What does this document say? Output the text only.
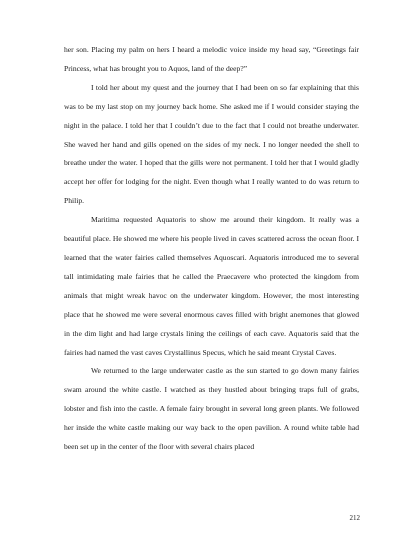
her son. Placing my palm on hers I heard a melodic voice inside my head say, “Greetings fair Princess, what has brought you to Aquos, land of the deep?”

I told her about my quest and the journey that I had been on so far explaining that this was to be my last stop on my journey back home. She asked me if I would consider staying the night in the palace. I told her that I couldn’t due to the fact that I could not breathe underwater. She waved her hand and gills opened on the sides of my neck. I no longer needed the shell to breathe under the water. I hoped that the gills were not permanent. I told her that I would gladly accept her offer for lodging for the night. Even though what I really wanted to do was return to Philip.

Maritima requested Aquatoris to show me around their kingdom. It really was a beautiful place. He showed me where his people lived in caves scattered across the ocean floor. I learned that the water fairies called themselves Aquoscari. Aquatoris introduced me to several tall intimidating male fairies that he called the Praecavere who protected the kingdom from animals that might wreak havoc on the underwater kingdom. However, the most interesting place that he showed me were several enormous caves filled with bright anemones that glowed in the dim light and had large crystals lining the ceilings of each cave. Aquatoris said that the fairies had named the vast caves Crystallinus Specus, which he said meant Crystal Caves.

We returned to the large underwater castle as the sun started to go down many fairies swam around the white castle. I watched as they hustled about bringing traps full of grabs, lobster and fish into the castle. A female fairy brought in several long green plants. We followed her inside the white castle making our way back to the open pavilion. A round white table had been set up in the center of the floor with several chairs placed

212
